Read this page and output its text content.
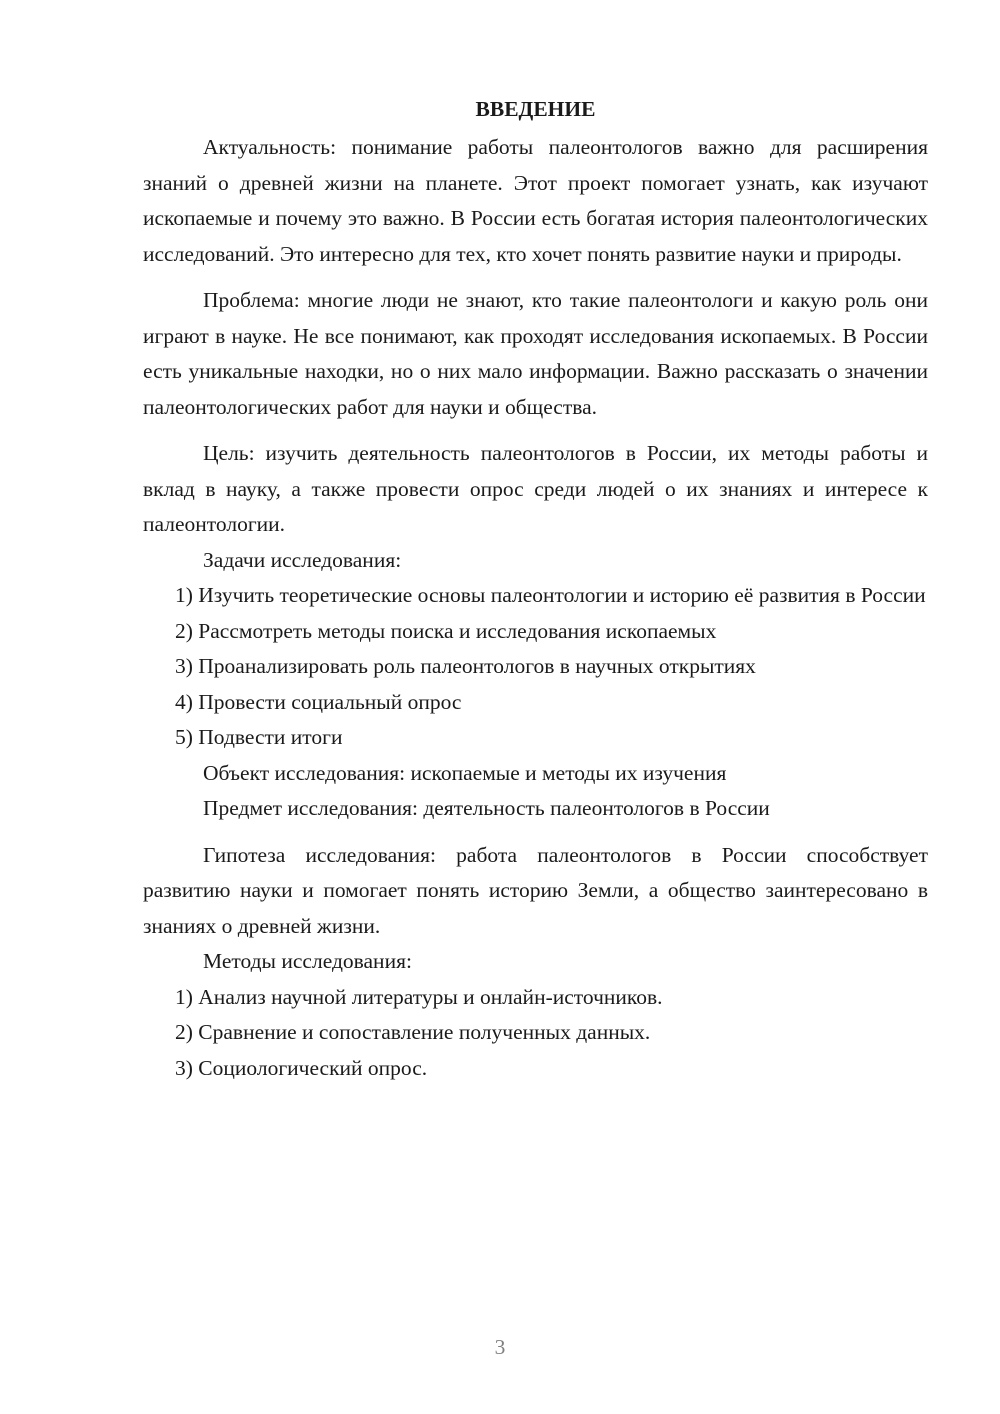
ВВЕДЕНИЕ

Актуальность: понимание работы палеонтологов важно для расширения знаний о древней жизни на планете. Этот проект помогает узнать, как изучают ископаемые и почему это важно. В России есть богатая история палеонтологических исследований. Это интересно для тех, кто хочет понять развитие науки и природы.

Проблема: многие люди не знают, кто такие палеонтологи и какую роль они играют в науке. Не все понимают, как проходят исследования ископаемых. В России есть уникальные находки, но о них мало информации. Важно рассказать о значении палеонтологических работ для науки и общества.

Цель: изучить деятельность палеонтологов в России, их методы работы и вклад в науку, а также провести опрос среди людей о их знаниях и интересе к палеонтологии.

Задачи исследования:

1) Изучить теоретические основы палеонтологии и историю её развития в России

2) Рассмотреть методы поиска и исследования ископаемых

3) Проанализировать роль палеонтологов в научных открытиях

4) Провести социальный опрос

5) Подвести итоги

Объект исследования: ископаемые и методы их изучения

Предмет исследования: деятельность палеонтологов в России

Гипотеза исследования: работа палеонтологов в России способствует развитию науки и помогает понять историю Земли, а общество заинтересовано в знаниях о древней жизни.

Методы исследования:

1) Анализ научной литературы и онлайн-источников.

2) Сравнение и сопоставление полученных данных.

3) Социологический опрос.

3
